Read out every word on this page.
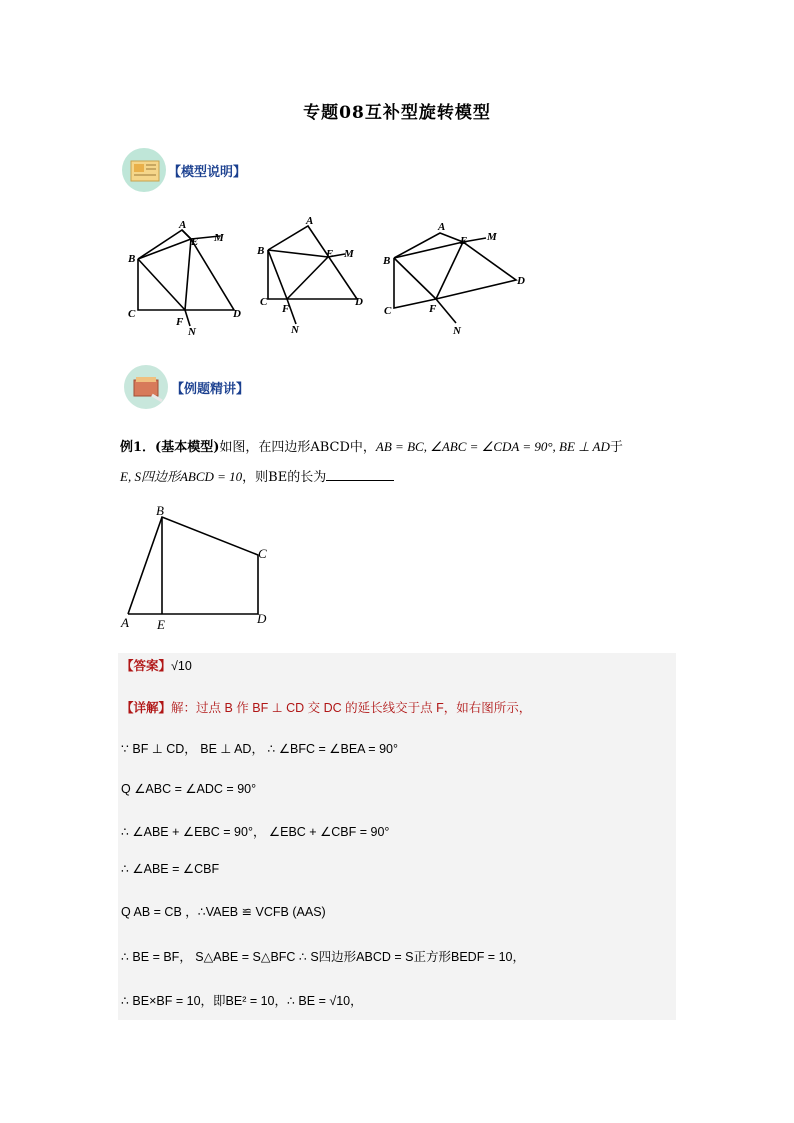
专题08互补型旋转模型
【模型说明】
A
E M
B
C
F
N
D
A
B	E M
C
F
D
N
A
E M
B
D
C	F
N
【例题精讲】
例1．(基本模型)如图，在四边形ABCD中，AB = BC, ∠ABC = ∠CDA = 90°, BE ⊥ AD于
E, S四边形ABCD = 10，则BE的长为
B
C
A E	D
【答案】√10
【详解】解：过点 B 作 BF ⊥ CD 交 DC 的延长线交于点 F，如右图所示，
∵ BF ⊥ CD， BE ⊥ AD， ∴ ∠BFC = ∠BEA = 90°
Q ∠ABC = ∠ADC = 90°
∴ ∠ABE + ∠EBC = 90°， ∠EBC + ∠CBF = 90°
∴ ∠ABE = ∠CBF
Q AB = CB ，∴VAEB ≌ VCFB (AAS)
∴ BE = BF， S△ABE = S△BFC ∴ S四边形ABCD = S正方形BEDF = 10，
∴ BE×BF = 10，即BE² = 10，∴ BE = √10，
